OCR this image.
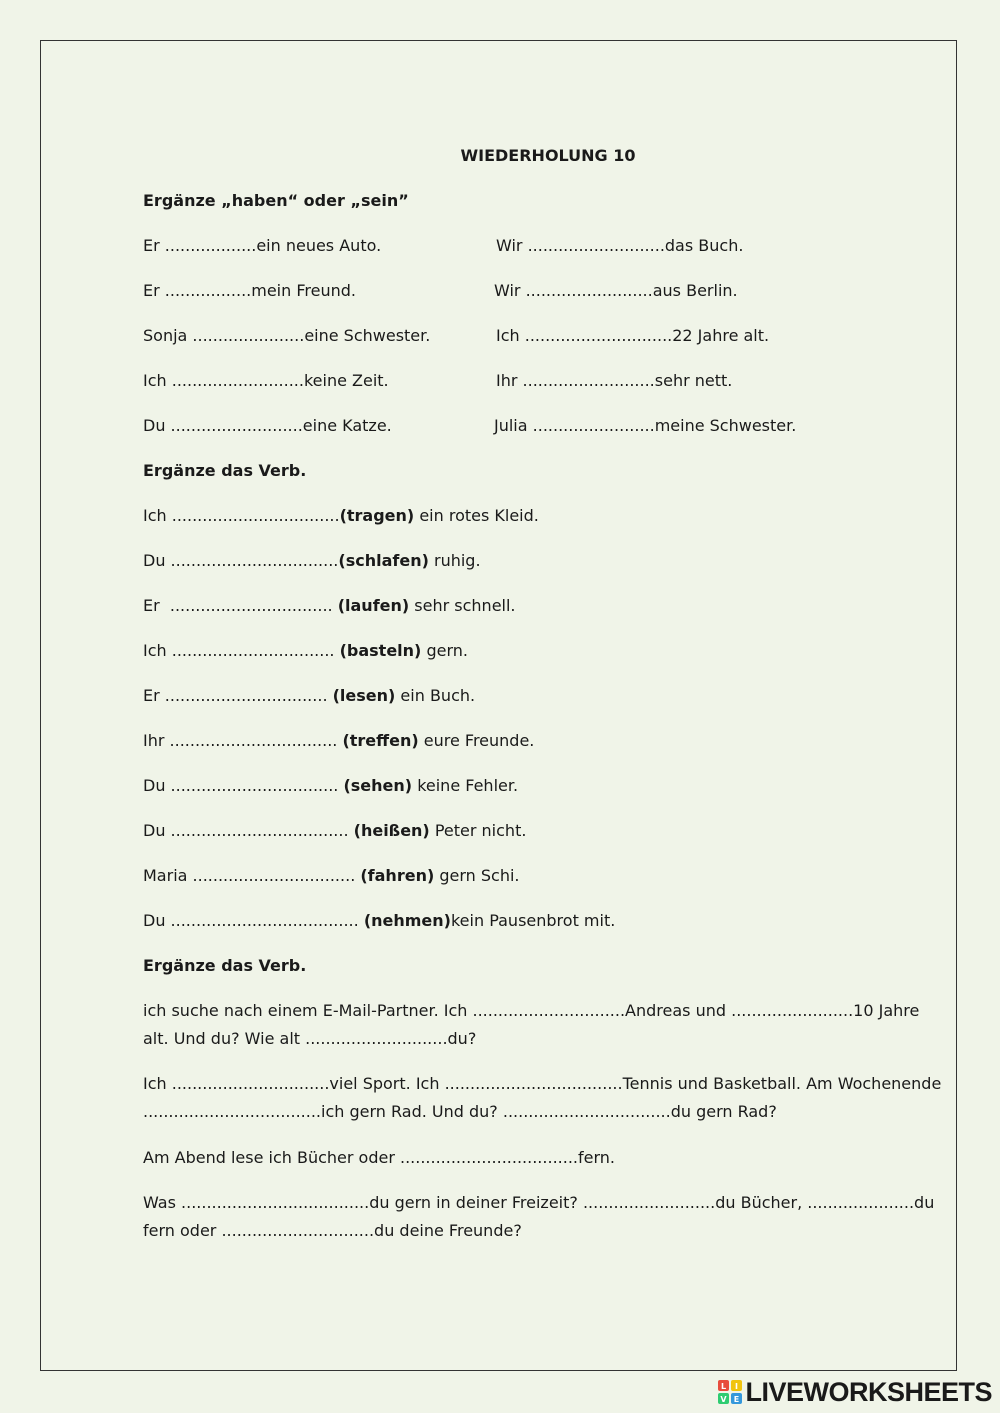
WIEDERHOLUNG 10
Ergänze „haben“ oder „sein”
Er ..................ein neues Auto.	Wir ...........................das Buch.
Er .................mein Freund.	Wir .........................aus Berlin.
Sonja ......................eine Schwester.	Ich .............................22 Jahre alt.
Ich ..........................keine Zeit.	Ihr ..........................sehr nett.
Du ..........................eine Katze.	Julia ........................meine Schwester.
Ergänze das Verb.
Ich .................................(tragen) ein rotes Kleid.
Du .................................(schlafen) ruhig.
Er  ................................ (laufen) sehr schnell.
Ich ................................ (basteln) gern.
Er ................................ (lesen) ein Buch.
Ihr ................................. (treffen) eure Freunde.
Du ................................. (sehen) keine Fehler.
Du ................................... (heißen) Peter nicht.
Maria ................................ (fahren) gern Schi.
Du ..................................... (nehmen)kein Pausenbrot mit.
Ergänze das Verb.
ich suche nach einem E-Mail-Partner. Ich ..............................Andreas und ........................10 Jahre alt. Und du? Wie alt ............................du?
Ich ...............................viel Sport. Ich ...................................Tennis und Basketball. Am Wochenende ...................................ich gern Rad. Und du? .................................du gern Rad?
Am Abend lese ich Bücher oder ...................................fern.
Was .....................................du gern in deiner Freizeit? ..........................du Bücher, .....................du fern oder ..............................du deine Freunde?
L I
V E LIVEWORKSHEETS
